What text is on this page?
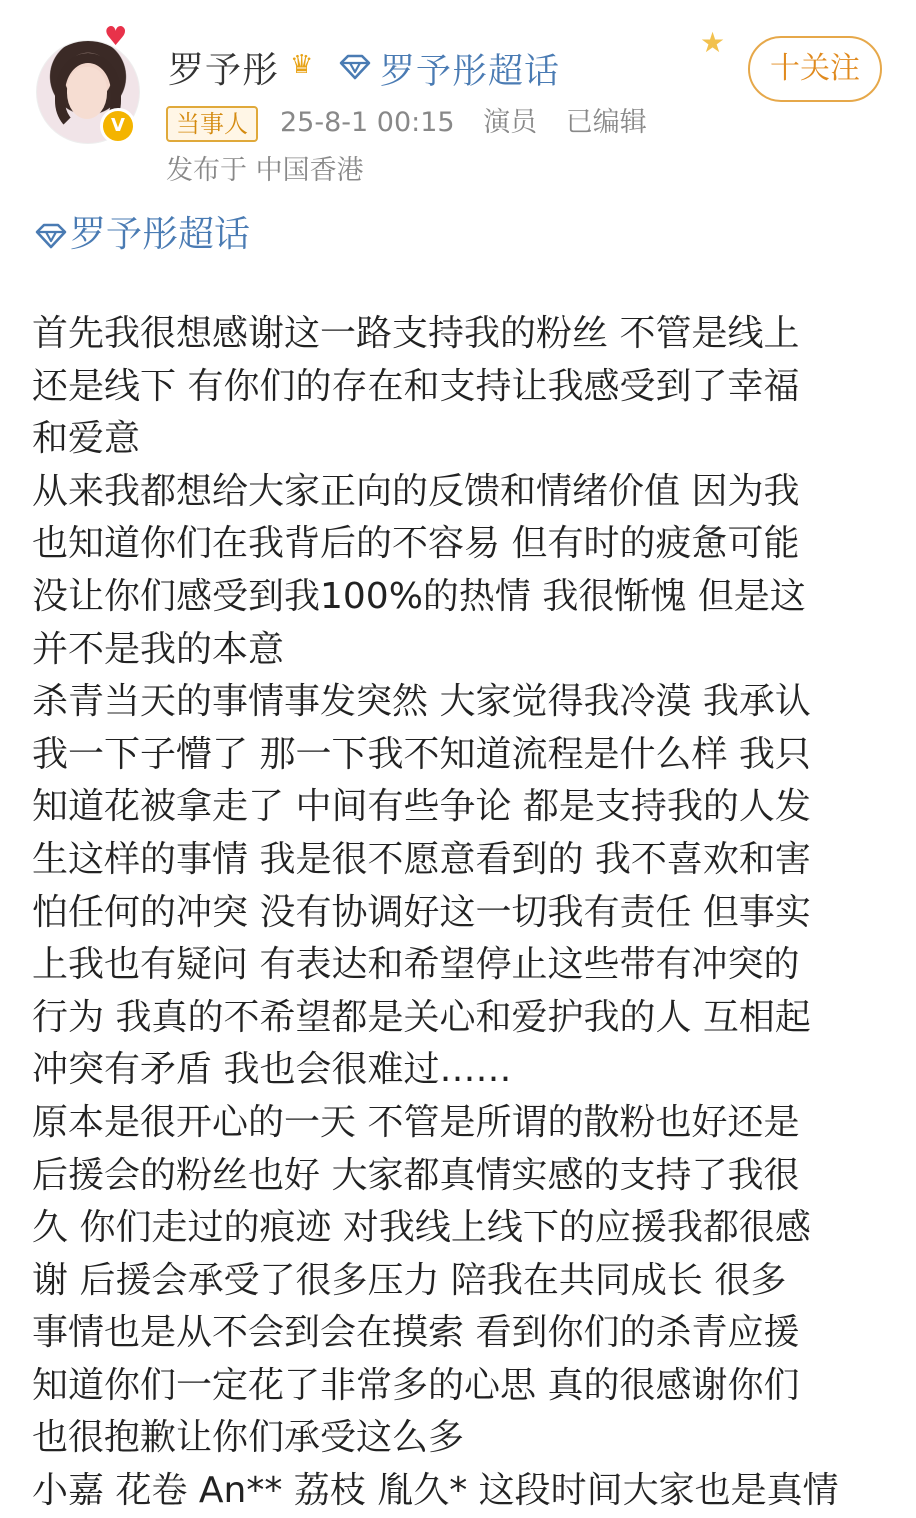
♥
V
罗予彤 ♛	罗予彤超话
当事人	25-8-1 00:15 演员 已编辑
发布于 中国香港
★
十关注
罗予彤超话

首先我很想感谢这一路支持我的粉丝 不管是线上

还是线下 有你们的存在和支持让我感受到了幸福

和爱意

从来我都想给大家正向的反馈和情绪价值 因为我

也知道你们在我背后的不容易 但有时的疲惫可能

没让你们感受到我100%的热情 我很惭愧 但是这

并不是我的本意

杀青当天的事情事发突然 大家觉得我冷漠 我承认

我一下子懵了 那一下我不知道流程是什么样 我只

知道花被拿走了 中间有些争论 都是支持我的人发

生这样的事情 我是很不愿意看到的 我不喜欢和害

怕任何的冲突 没有协调好这一切我有责任 但事实

上我也有疑问 有表达和希望停止这些带有冲突的

行为 我真的不希望都是关心和爱护我的人 互相起

冲突有矛盾 我也会很难过……

原本是很开心的一天 不管是所谓的散粉也好还是

后援会的粉丝也好 大家都真情实感的支持了我很

久 你们走过的痕迹 对我线上线下的应援我都很感

谢 后援会承受了很多压力 陪我在共同成长 很多

事情也是从不会到会在摸索 看到你们的杀青应援

知道你们一定花了非常多的心思 真的很感谢你们

也很抱歉让你们承受这么多

小嘉 花卷 An** 荔枝 胤久* 这段时间大家也是真情
